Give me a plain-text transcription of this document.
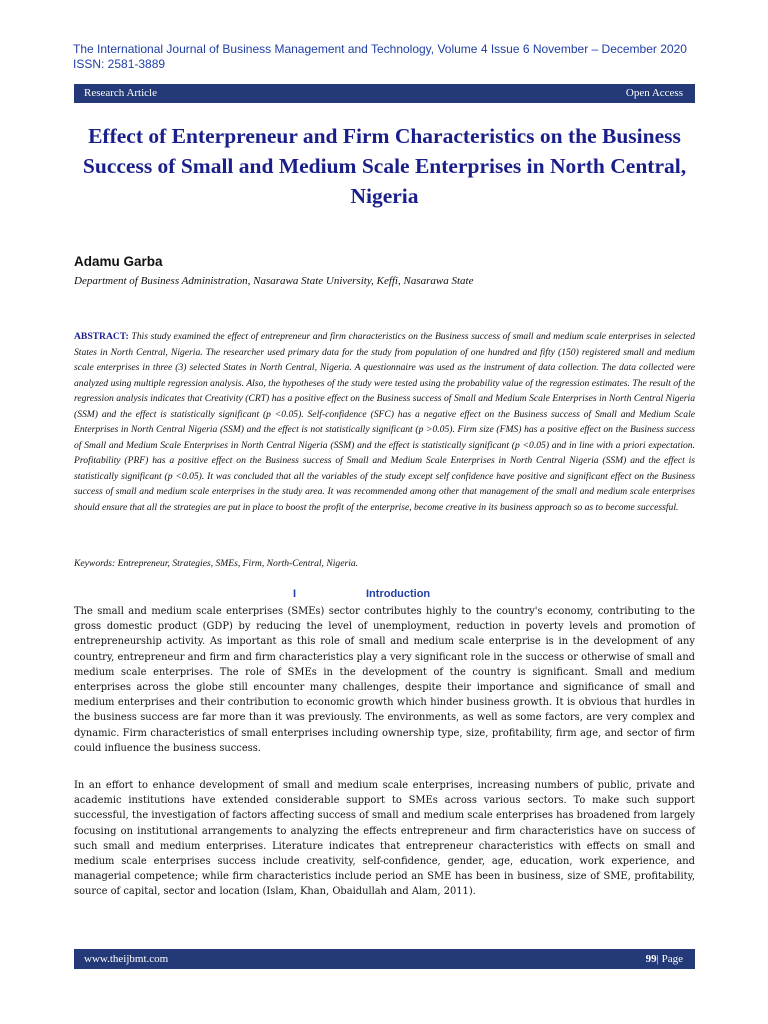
The International Journal of Business Management and Technology, Volume 4 Issue 6 November – December 2020
ISSN: 2581-3889
Research Article	Open Access
Effect of Enterpreneur and Firm Characteristics on the Business Success of Small and Medium Scale Enterprises in North Central, Nigeria
Adamu Garba
Department of Business Administration, Nasarawa State University, Keffi, Nasarawa State
ABSTRACT: This study examined the effect of entrepreneur and firm characteristics on the Business success of small and medium scale enterprises in selected States in North Central, Nigeria. The researcher used primary data for the study from population of one hundred and fifty (150) registered small and medium scale enterprises in three (3) selected States in North Central, Nigeria. A questionnaire was used as the instrument of data collection. The data collected were analyzed using multiple regression analysis. Also, the hypotheses of the study were tested using the probability value of the regression estimates. The result of the regression analysis indicates that Creativity (CRT) has a positive effect on the Business success of Small and Medium Scale Enterprises in North Central Nigeria (SSM) and the effect is statistically significant (p <0.05). Self-confidence (SFC) has a negative effect on the Business success of Small and Medium Scale Enterprises in North Central Nigeria (SSM) and the effect is not statistically significant (p >0.05). Firm size (FMS) has a positive effect on the Business success of Small and Medium Scale Enterprises in North Central Nigeria (SSM) and the effect is statistically significant (p <0.05) and in line with a priori expectation. Profitability (PRF) has a positive effect on the Business success of Small and Medium Scale Enterprises in North Central Nigeria (SSM) and the effect is statistically significant (p <0.05). It was concluded that all the variables of the study except self confidence have positive and significant effect on the Business success of small and medium scale enterprises in the study area. It was recommended among other that management of the small and medium scale enterprises should ensure that all the strategies are put in place to boost the profit of the enterprise, become creative in its business approach so as to become successful.
Keywords: Entrepreneur, Strategies, SMEs, Firm, North-Central, Nigeria.
I	Introduction
The small and medium scale enterprises (SMEs) sector contributes highly to the country's economy, contributing to the gross domestic product (GDP) by reducing the level of unemployment, reduction in poverty levels and promotion of entrepreneurship activity. As important as this role of small and medium scale enterprise is in the development of any country, entrepreneur and firm and firm characteristics play a very significant role in the success or otherwise of small and medium scale enterprises. The role of SMEs in the development of the country is significant. Small and medium enterprises across the globe still encounter many challenges, despite their importance and significance of small and medium enterprises and their contribution to economic growth which hinder business growth. It is obvious that hurdles in the business success are far more than it was previously. The environments, as well as some factors, are very complex and dynamic. Firm characteristics of small enterprises including ownership type, size, profitability, firm age, and sector of firm could influence the business success.
In an effort to enhance development of small and medium scale enterprises, increasing numbers of public, private and academic institutions have extended considerable support to SMEs across various sectors. To make such support successful, the investigation of factors affecting success of small and medium scale enterprises has broadened from largely focusing on institutional arrangements to analyzing the effects entrepreneur and firm characteristics have on success of such small and medium enterprises. Literature indicates that entrepreneur characteristics with effects on small and medium scale enterprises success include creativity, self-confidence, gender, age, education, work experience, and managerial competence; while firm characteristics include period an SME has been in business, size of SME, profitability, source of capital, sector and location (Islam, Khan, Obaidullah and Alam, 2011).
www.theijbmt.com	99| Page
